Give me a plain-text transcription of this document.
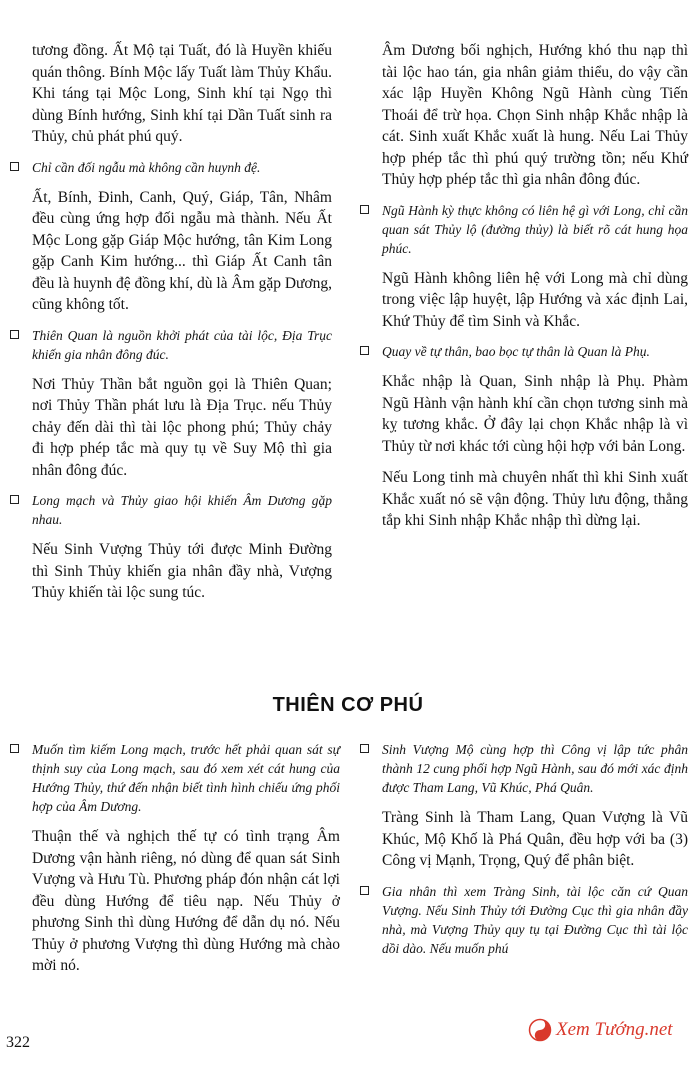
tương đồng. Ất Mộ tại Tuất, đó là Huyền khiếu quán thông. Bính Mộc lấy Tuất làm Thủy Khẩu. Khi táng tại Mộc Long, Sinh khí tại Ngọ thì dùng Bính hướng, Sinh khí tại Dần Tuất sinh ra Thủy, chủ phát phú quý.

Chỉ cần đối ngẫu mà không cần huynh đệ.

Ất, Bính, Đinh, Canh, Quý, Giáp, Tân, Nhâm đều cùng ứng hợp đối ngẫu mà thành. Nếu Ất Mộc Long gặp Giáp Mộc hướng, tân Kim Long gặp Canh Kim hướng... thì Giáp Ất Canh tân đều là huynh đệ đồng khí, dù là Âm gặp Dương, cũng không tốt.

Thiên Quan là nguồn khởi phát của tài lộc, Địa Trục khiến gia nhân đông đúc.

Nơi Thủy Thần bắt nguồn gọi là Thiên Quan; nơi Thủy Thần phát lưu là Địa Trục. nếu Thủy chảy đến dài thì tài lộc phong phú; Thủy chảy đi hợp phép tắc mà quy tụ về Suy Mộ thì gia nhân đông đúc.

Long mạch và Thủy giao hội khiến Âm Dương gặp nhau.

Nếu Sinh Vượng Thủy tới được Minh Đường thì Sinh Thủy khiến gia nhân đầy nhà, Vượng Thủy khiến tài lộc sung túc.

Âm Dương bối nghịch, Hướng khó thu nạp thì tài lộc hao tán, gia nhân giảm thiểu, do vậy cần xác lập Huyền Không Ngũ Hành cùng Tiến Thoái để trừ họa. Chọn Sinh nhập Khắc nhập là cát. Sinh xuất Khắc xuất là hung. Nếu Lai Thủy hợp phép tắc thì phú quý trường tồn; nếu Khứ Thủy hợp phép tắc thì gia nhân đông đúc.

Ngũ Hành kỳ thực không có liên hệ gì với Long, chỉ cần quan sát Thủy lộ (đường thủy) là biết rõ cát hung họa phúc.

Ngũ Hành không liên hệ với Long mà chỉ dùng trong việc lập huyệt, lập Hướng và xác định Lai, Khứ Thủy để tìm Sinh và Khắc.

Quay về tự thân, bao bọc tự thân là Quan là Phụ.

Khắc nhập là Quan, Sinh nhập là Phụ. Phàm Ngũ Hành vận hành khí cần chọn tương sinh mà kỵ tương khắc. Ở đây lại chọn Khắc nhập là vì Thủy từ nơi khác tới cùng hội hợp với bản Long.

Nếu Long tinh mà chuyên nhất thì khi Sinh xuất Khắc xuất nó sẽ vận động. Thủy lưu động, thẳng tắp khi Sinh nhập Khắc nhập thì dừng lại.

THIÊN CƠ PHÚ

Muốn tìm kiếm Long mạch, trước hết phải quan sát sự thịnh suy của Long mạch, sau đó xem xét cát hung của Hướng Thủy, thứ đến nhận biết tình hình chiếu ứng phối hợp của Âm Dương.

Thuận thế và nghịch thế tự có tình trạng Âm Dương vận hành riêng, nó dùng để quan sát Sinh Vượng và Hưu Tù. Phương pháp đón nhận cát lợi đều dùng Hướng để tiêu nạp. Nếu Thủy ở phương Sinh thì dùng Hướng để dẫn dụ nó. Nếu Thủy ở phương Vượng thì dùng Hướng mà chào mời nó.

Sinh Vượng Mộ cùng hợp thì Công vị lập tức phân thành 12 cung phối hợp Ngũ Hành, sau đó mới xác định được Tham Lang, Vũ Khúc, Phá Quân.

Tràng Sinh là Tham Lang, Quan Vượng là Vũ Khúc, Mộ Khố là Phá Quân, đều hợp với ba (3) Công vị Mạnh, Trọng, Quý để phân biệt.

Gia nhân thì xem Tràng Sinh, tài lộc căn cứ Quan Vượng. Nếu Sinh Thủy tới Đường Cục thì gia nhân đầy nhà, mà Vượng Thủy quy tụ tại Đường Cục thì tài lộc dồi dào. Nếu muốn phú

322
Xem Tướng.net
